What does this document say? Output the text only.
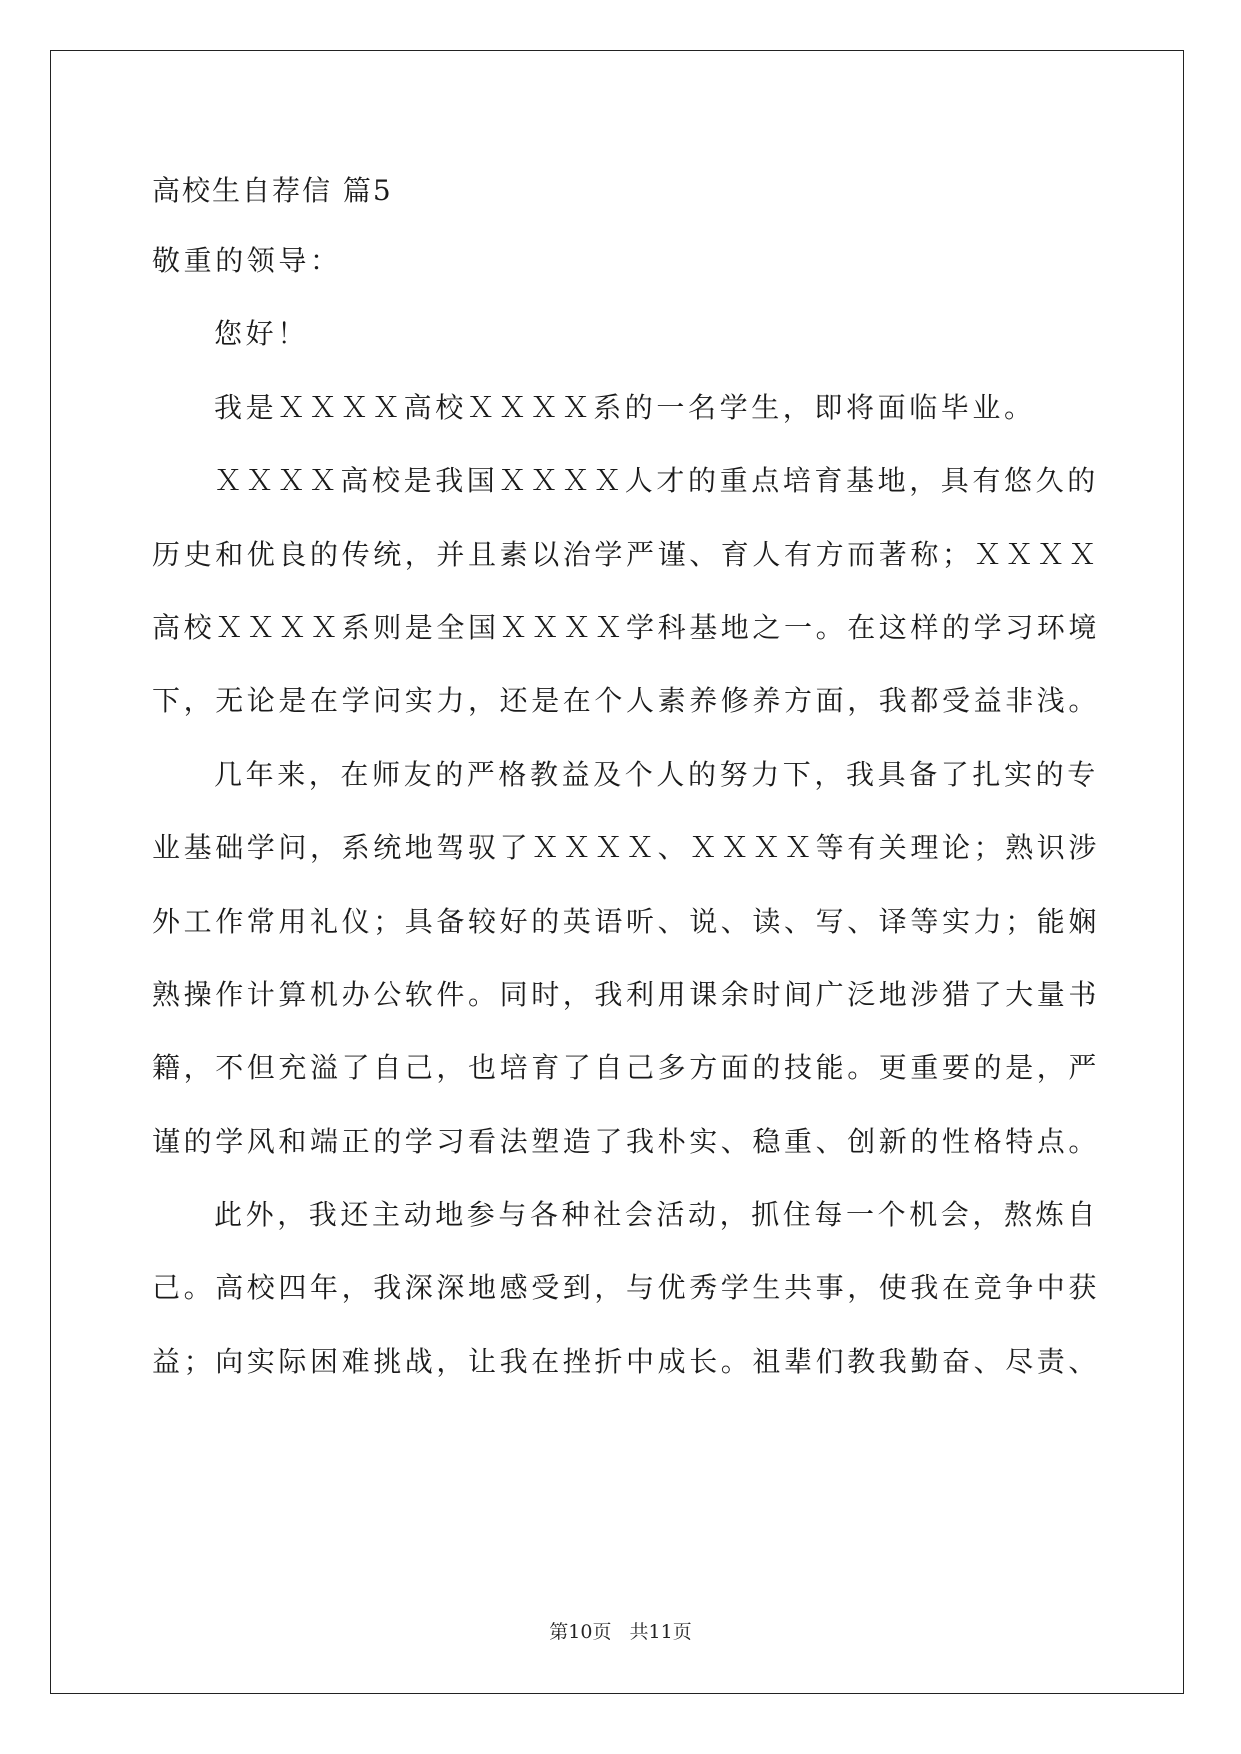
高校生自荐信 篇5
敬重的领导：
您好！
我是ＸＸＸＸ高校ＸＸＸＸ系的一名学生，即将面临毕业。
ＸＸＸＸ高校是我国ＸＸＸＸ人才的重点培育基地，具有悠久的
历史和优良的传统，并且素以治学严谨、育人有方而著称；ＸＸＸＸ
高校ＸＸＸＸ系则是全国ＸＸＸＸ学科基地之一。在这样的学习环境
下，无论是在学问实力，还是在个人素养修养方面，我都受益非浅。
几年来，在师友的严格教益及个人的努力下，我具备了扎实的专
业基础学问，系统地驾驭了ＸＸＸＸ、ＸＸＸＸ等有关理论；熟识涉
外工作常用礼仪；具备较好的英语听、说、读、写、译等实力；能娴
熟操作计算机办公软件。同时，我利用课余时间广泛地涉猎了大量书
籍，不但充溢了自己，也培育了自己多方面的技能。更重要的是，严
谨的学风和端正的学习看法塑造了我朴实、稳重、创新的性格特点。
此外，我还主动地参与各种社会活动，抓住每一个机会，熬炼自
己。高校四年，我深深地感受到，与优秀学生共事，使我在竞争中获
益；向实际困难挑战，让我在挫折中成长。祖辈们教我勤奋、尽责、
第10页 共11页
